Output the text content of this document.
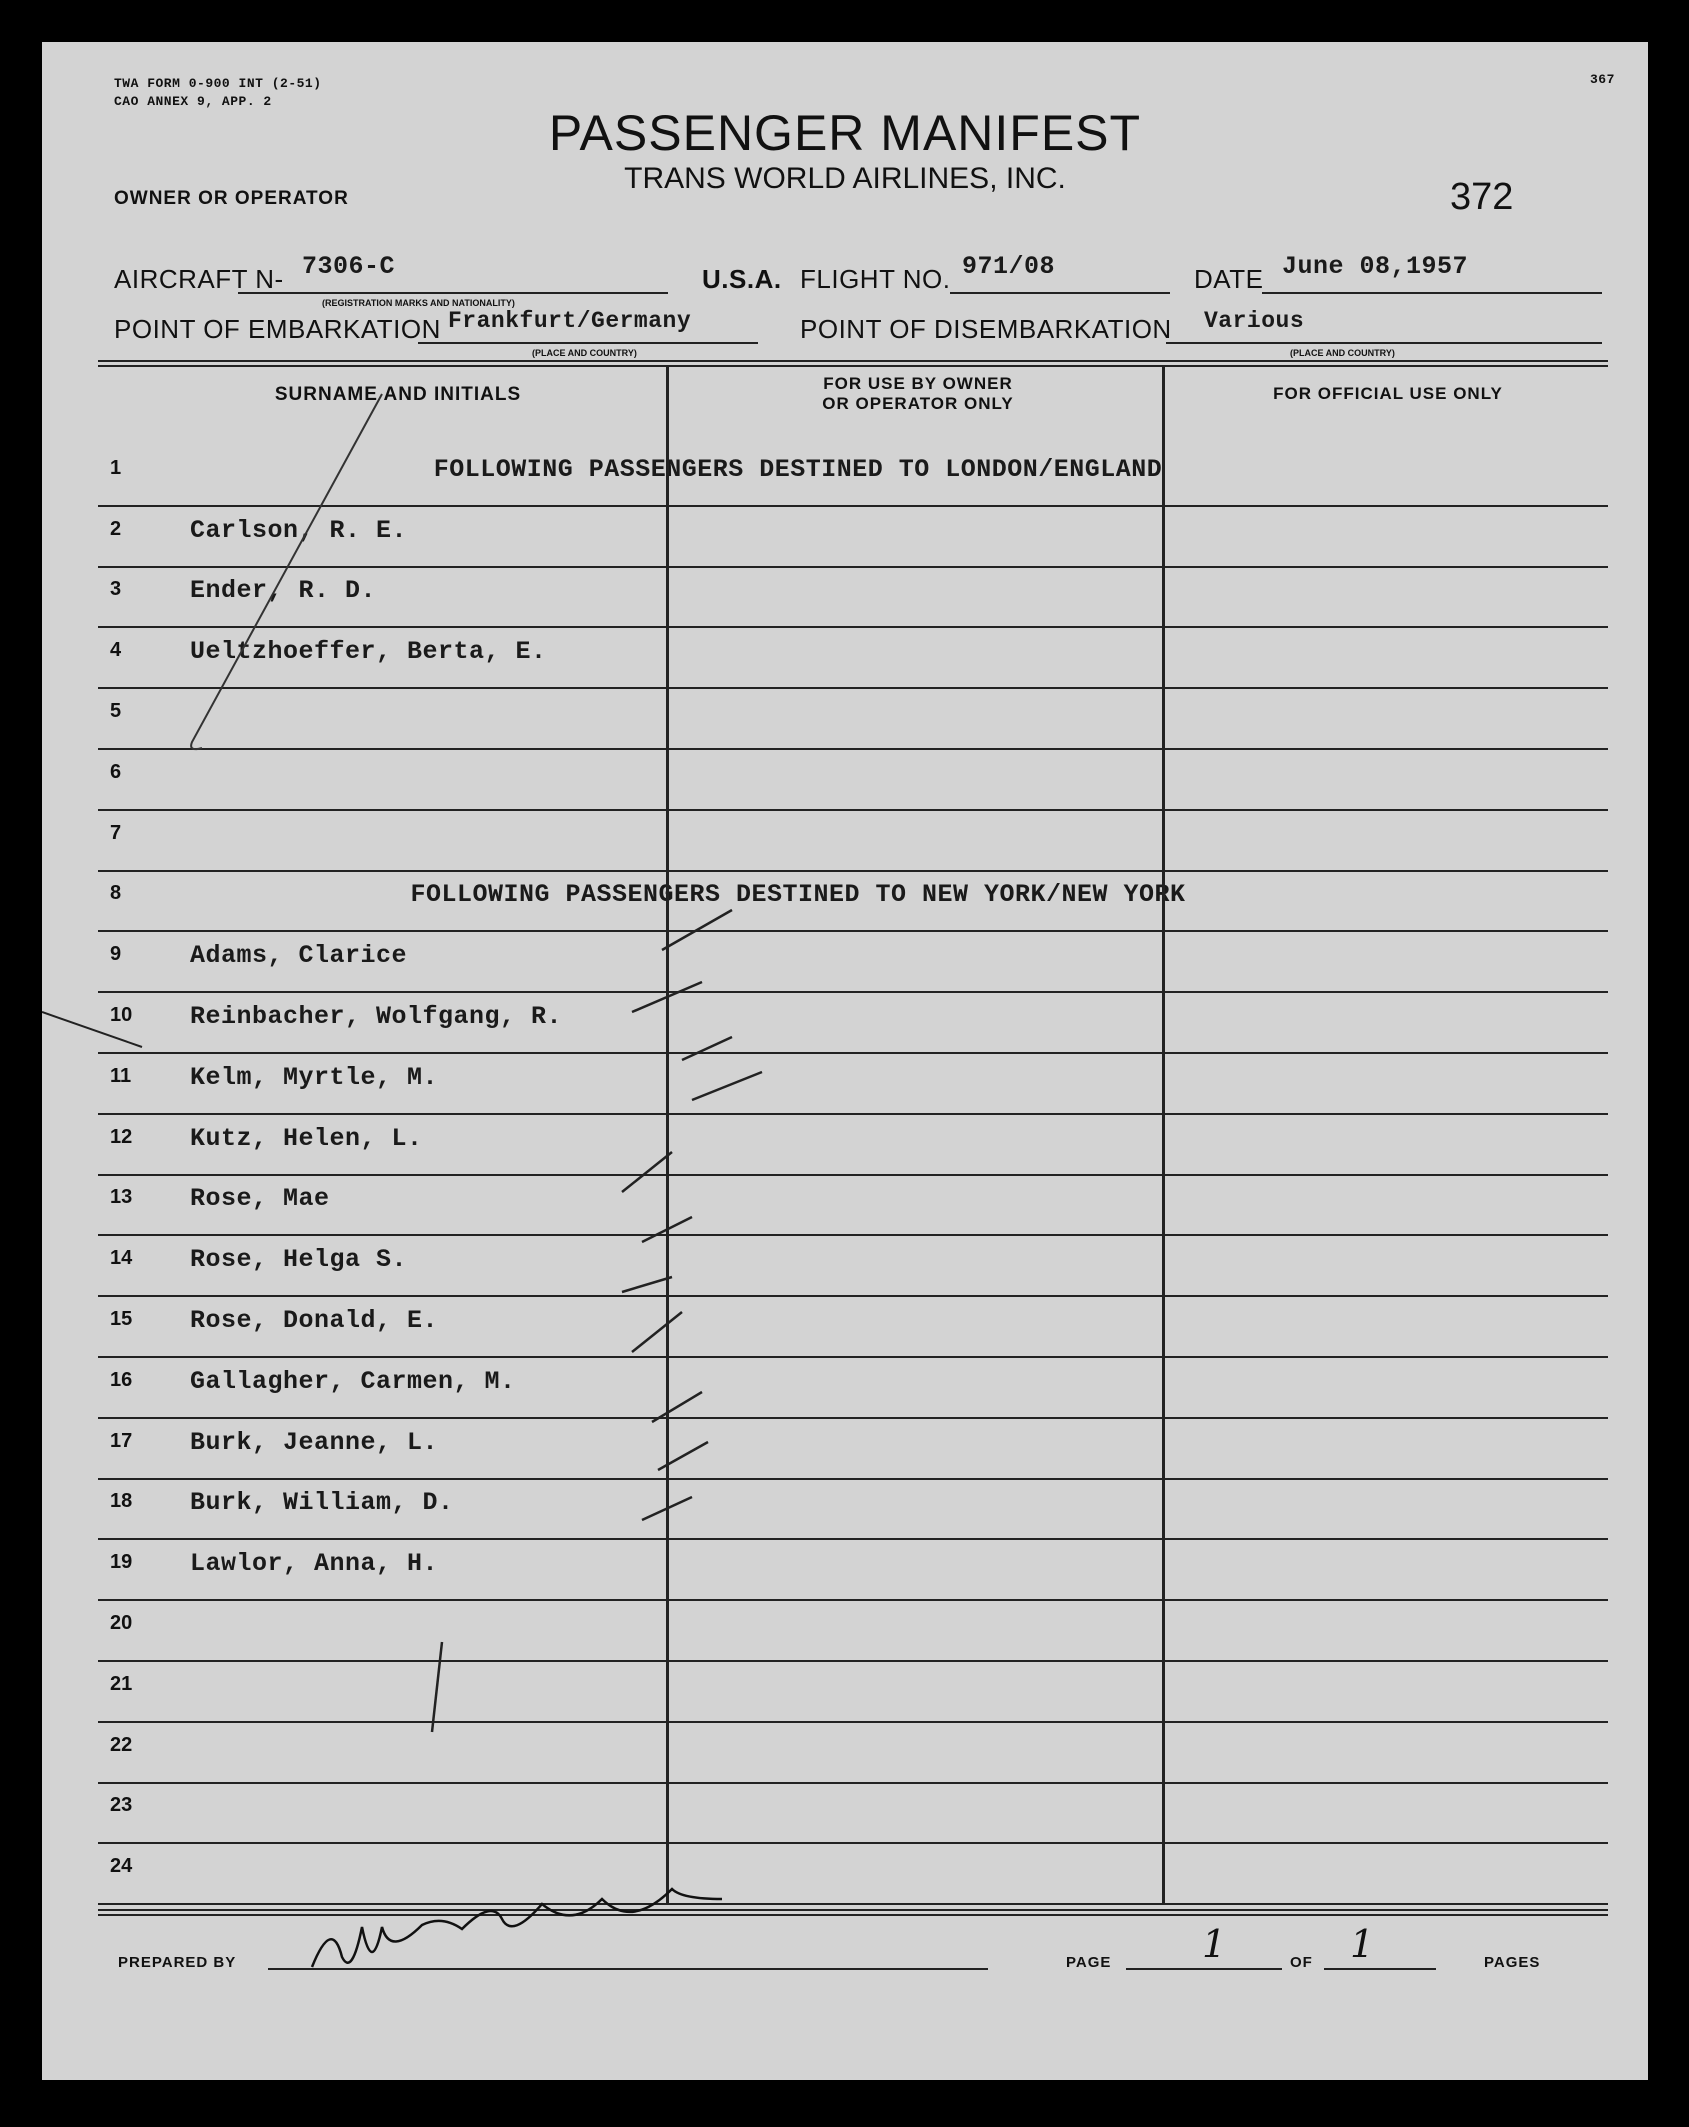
TWA FORM 0-900 INT (2-51)
CAO ANNEX 9, APP. 2
367
PASSENGER MANIFEST
TRANS WORLD AIRLINES, INC.
OWNER OR OPERATOR	372
AIRCRAFT N- 7306-C
(REGISTRATION MARKS AND NATIONALITY)
U.S.A. FLIGHT NO. 971/08	DATE June 08,1957
POINT OF EMBARKATION Frankfurt/Germany
(PLACE AND COUNTRY)
POINT OF DISEMBARKATION Various
(PLACE AND COUNTRY)
SURNAME AND INITIALS
FOR USE BY OWNER
OR OPERATOR ONLY
FOR OFFICIAL USE ONLY
1	FOLLOWING PASSENGERS DESTINED TO LONDON/ENGLAND
2	Carlson, R. E.
3	Ender, R. D.
4	Ueltzhoeffer, Berta, E.
5
6
7
8	FOLLOWING PASSENGERS DESTINED TO NEW YORK/NEW YORK
9	Adams, Clarice
10 Reinbacher, Wolfgang, R.
11 Kelm, Myrtle, M.
12 Kutz, Helen, L.
13 Rose, Mae
14 Rose, Helga S.
15 Rose, Donald, E.
16 Gallagher, Carmen, M.
17 Burk, Jeanne, L.
18 Burk, William, D.
19 Lawlor, Anna, H.
20
21
22
23
24
PREPARED BY	PAGE 1	OF 1	PAGES
